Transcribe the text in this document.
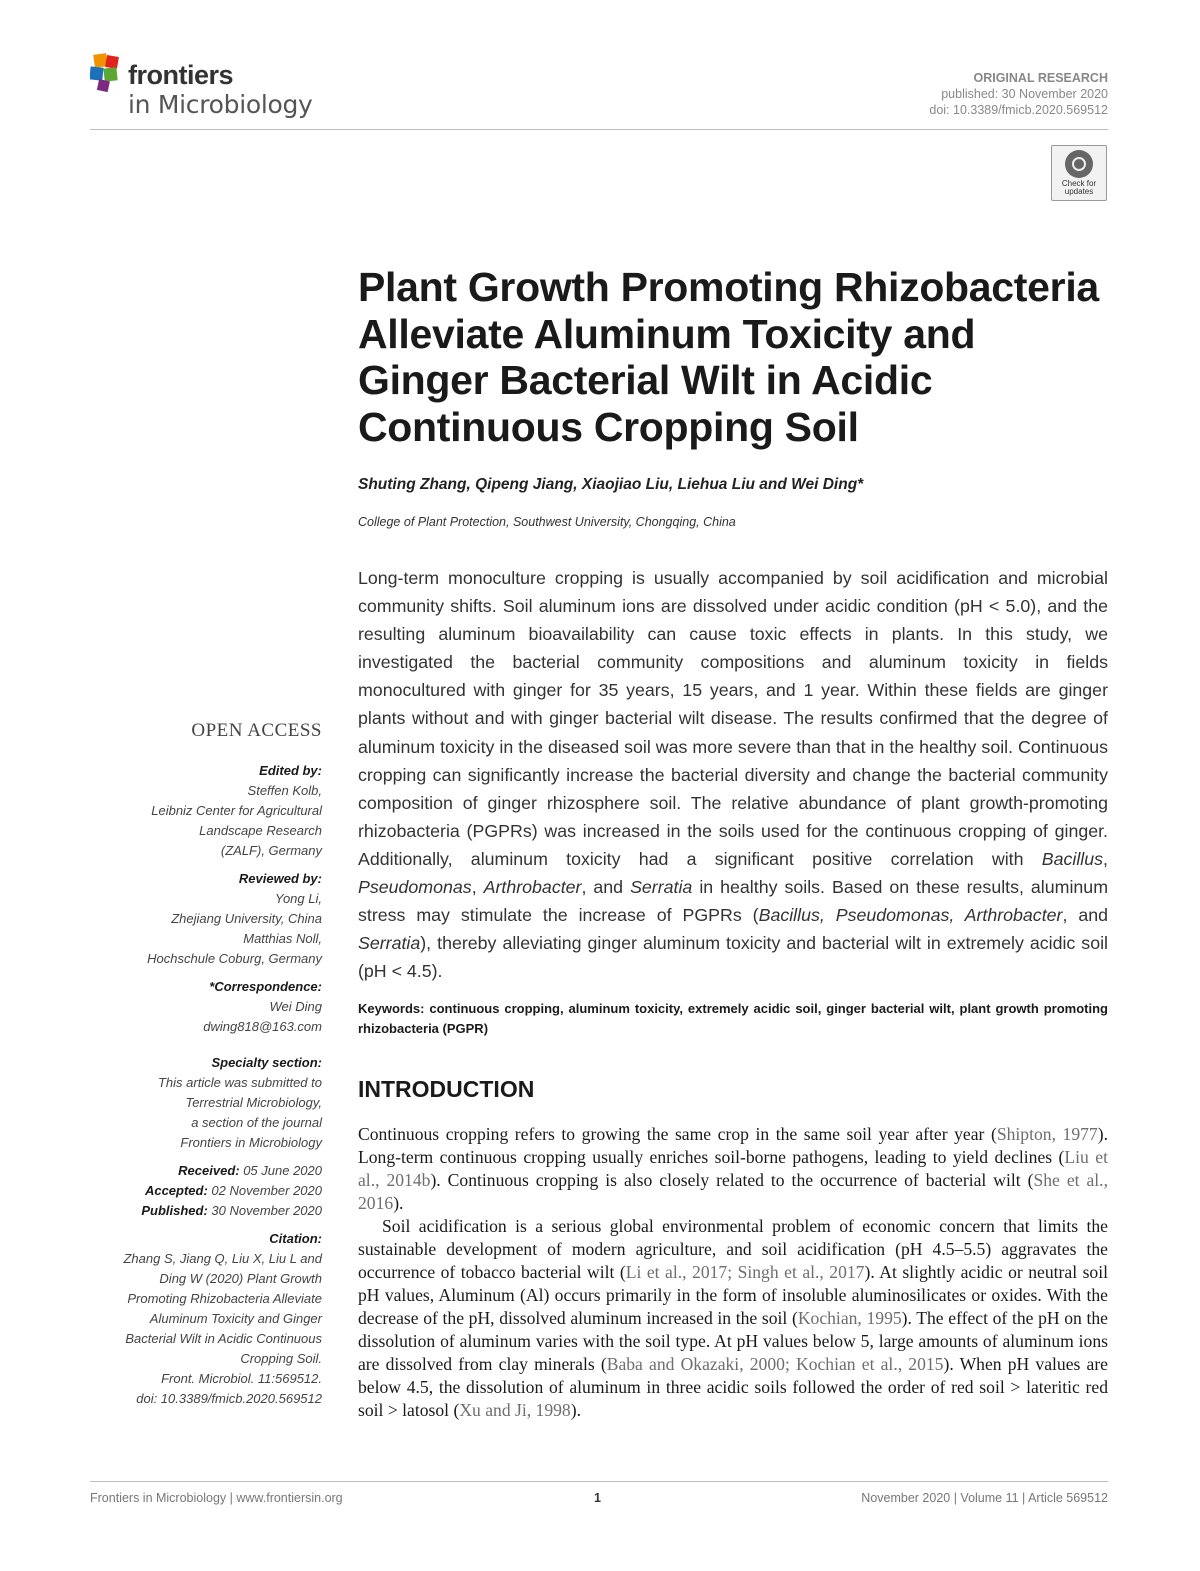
frontiers
in Microbiology
ORIGINAL RESEARCH
published: 30 November 2020
doi: 10.3389/fmicb.2020.569512
Check for
updates
Plant Growth Promoting Rhizobacteria Alleviate Aluminum Toxicity and Ginger Bacterial Wilt in Acidic Continuous Cropping Soil
Shuting Zhang, Qipeng Jiang, Xiaojiao Liu, Liehua Liu and Wei Ding*
College of Plant Protection, Southwest University, Chongqing, China
Long-term monoculture cropping is usually accompanied by soil acidification and microbial community shifts. Soil aluminum ions are dissolved under acidic condition (pH < 5.0), and the resulting aluminum bioavailability can cause toxic effects in plants. In this study, we investigated the bacterial community compositions and aluminum toxicity in fields monocultured with ginger for 35 years, 15 years, and 1 year. Within these fields are ginger plants without and with ginger bacterial wilt disease. The results confirmed that the degree of aluminum toxicity in the diseased soil was more severe than that in the healthy soil. Continuous cropping can significantly increase the bacterial diversity and change the bacterial community composition of ginger rhizosphere soil. The relative abundance of plant growth-promoting rhizobacteria (PGPRs) was increased in the soils used for the continuous cropping of ginger. Additionally, aluminum toxicity had a significant positive correlation with Bacillus, Pseudomonas, Arthrobacter, and Serratia in healthy soils. Based on these results, aluminum stress may stimulate the increase of PGPRs (Bacillus, Pseudomonas, Arthrobacter, and Serratia), thereby alleviating ginger aluminum toxicity and bacterial wilt in extremely acidic soil (pH < 4.5).
Keywords: continuous cropping, aluminum toxicity, extremely acidic soil, ginger bacterial wilt, plant growth promoting rhizobacteria (PGPR)
INTRODUCTION
Continuous cropping refers to growing the same crop in the same soil year after year (Shipton, 1977). Long-term continuous cropping usually enriches soil-borne pathogens, leading to yield declines (Liu et al., 2014b). Continuous cropping is also closely related to the occurrence of bacterial wilt (She et al., 2016).
Soil acidification is a serious global environmental problem of economic concern that limits the sustainable development of modern agriculture, and soil acidification (pH 4.5–5.5) aggravates the occurrence of tobacco bacterial wilt (Li et al., 2017; Singh et al., 2017). At slightly acidic or neutral soil pH values, Aluminum (Al) occurs primarily in the form of insoluble aluminosilicates or oxides. With the decrease of the pH, dissolved aluminum increased in the soil (Kochian, 1995). The effect of the pH on the dissolution of aluminum varies with the soil type. At pH values below 5, large amounts of aluminum ions are dissolved from clay minerals (Baba and Okazaki, 2000; Kochian et al., 2015). When pH values are below 4.5, the dissolution of aluminum in three acidic soils followed the order of red soil > lateritic red soil > latosol (Xu and Ji, 1998).
OPEN ACCESS
Edited by:
Steffen Kolb,
Leibniz Center for Agricultural
Landscape Research
(ZALF), Germany
Reviewed by:
Yong Li,
Zhejiang University, China
Matthias Noll,
Hochschule Coburg, Germany
*Correspondence:
Wei Ding
dwing818@163.com
Specialty section:
This article was submitted to
Terrestrial Microbiology,
a section of the journal
Frontiers in Microbiology
Received: 05 June 2020
Accepted: 02 November 2020
Published: 30 November 2020
Citation:
Zhang S, Jiang Q, Liu X, Liu L and
Ding W (2020) Plant Growth
Promoting Rhizobacteria Alleviate
Aluminum Toxicity and Ginger
Bacterial Wilt in Acidic Continuous
Cropping Soil.
Front. Microbiol. 11:569512.
doi: 10.3389/fmicb.2020.569512
Frontiers in Microbiology | www.frontiersin.org	1	November 2020 | Volume 11 | Article 569512
